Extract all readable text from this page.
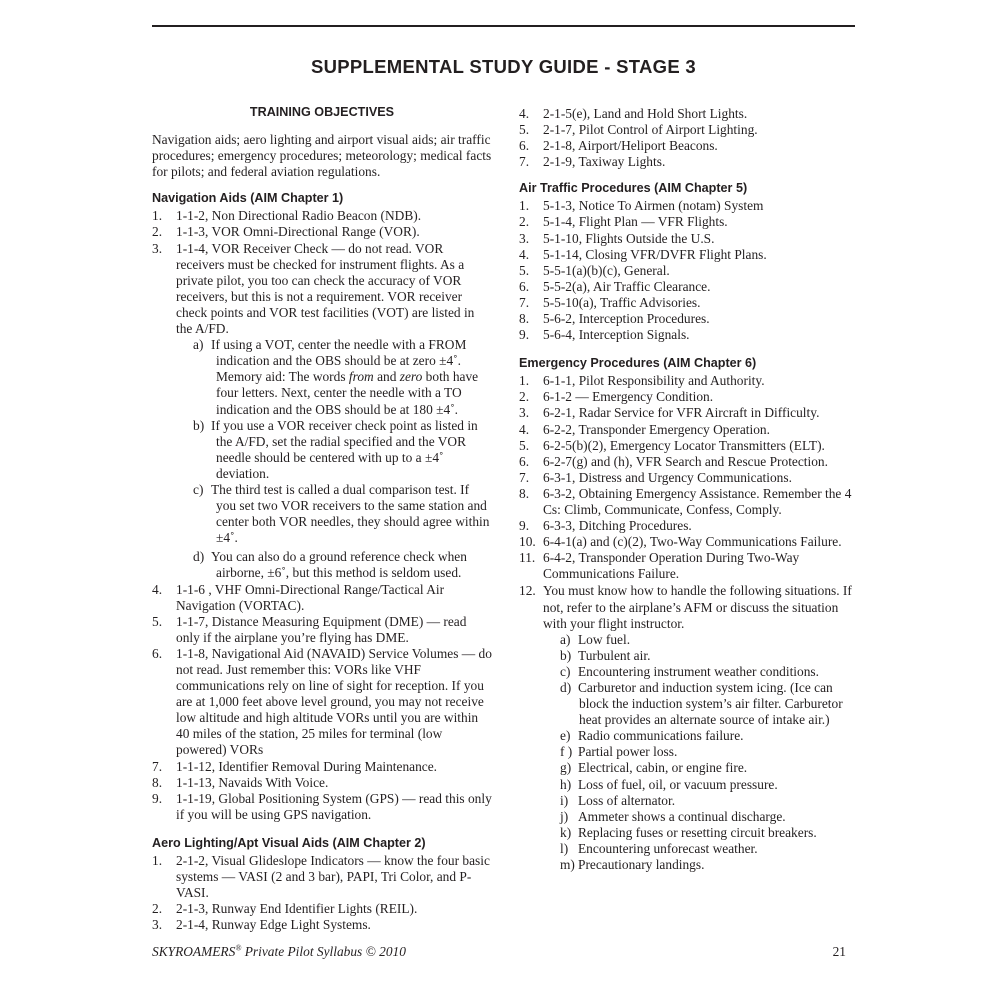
SUPPLEMENTAL STUDY GUIDE - STAGE 3
TRAINING OBJECTIVES

Navigation aids; aero lighting and airport visual aids; air traffic procedures; emergency procedures; meteorology; medical facts for pilots; and federal aviation regulations.

Navigation Aids (AIM Chapter 1)
1.	1-1-2, Non Directional Radio Beacon (NDB).
2.	1-1-3, VOR Omni-Directional Range (VOR).
3.	1-1-4, VOR Receiver Check — do not read. VOR receivers must be checked for instrument flights. As a private pilot, you too can check the accuracy of VOR receivers, but this is not a requirement. VOR receiver check points and VOR test facilities (VOT) are listed in the A/FD.
a) If using a VOT, center the needle with a FROM indication and the OBS should be at zero ±4˚. Memory aid: The words from and zero both have four letters. Next, center the needle with a TO indication and the OBS should be at 180 ±4˚.
b) If you use a VOR receiver check point as listed in the A/FD, set the radial specified and the VOR needle should be centered with up to a ±4˚ deviation.
c) The third test is called a dual comparison test. If you set two VOR receivers to the same station and center both VOR needles, they should agree within ±4˚.
d) You can also do a ground reference check when airborne, ±6˚, but this method is seldom used.
4.	1-1-6 , VHF Omni-Directional Range/Tactical Air Navigation (VORTAC).
5.	1-1-7, Distance Measuring Equipment (DME) — read only if the airplane you’re flying has DME.
6.	1-1-8, Navigational Aid (NAVAID) Service Volumes — do not read. Just remember this: VORs like VHF communications rely on line of sight for reception. If you are at 1,000 feet above level ground, you may not receive low altitude and high altitude VORs until you are within 40 miles of the station, 25 miles for terminal (low powered) VORs
7.	1-1-12, Identifier Removal During Maintenance.
8.	1-1-13, Navaids With Voice.
9.	1-1-19, Global Positioning System (GPS) — read this only if you will be using GPS navigation.
Aero Lighting/Apt Visual Aids (AIM Chapter 2)
1.	2-1-2, Visual Glideslope Indicators — know the four basic systems — VASI (2 and 3 bar), PAPI, Tri Color, and P-VASI.
2.	2-1-3, Runway End Identifier Lights (REIL).
3.	2-1-4, Runway Edge Light Systems.
4.	2-1-5(e), Land and Hold Short Lights.
5.	2-1-7, Pilot Control of Airport Lighting.
6.	2-1-8, Airport/Heliport Beacons.
7.	2-1-9, Taxiway Lights.
Air Traffic Procedures (AIM Chapter 5)
1.	5-1-3, Notice To Airmen (notam) System
2.	5-1-4, Flight Plan — VFR Flights.
3.	5-1-10, Flights Outside the U.S.
4.	5-1-14, Closing VFR/DVFR Flight Plans.
5.	5-5-1(a)(b)(c), General.
6.	5-5-2(a), Air Traffic Clearance.
7.	5-5-10(a), Traffic Advisories.
8.	5-6-2, Interception Procedures.
9.	5-6-4, Interception Signals.
Emergency Procedures (AIM Chapter 6)
1.	6-1-1, Pilot Responsibility and Authority.
2.	6-1-2 — Emergency Condition.
3.	6-2-1, Radar Service for VFR Aircraft in Difficulty.
4.	6-2-2, Transponder Emergency Operation.
5.	6-2-5(b)(2), Emergency Locator Transmitters (ELT).
6.	6-2-7(g) and (h), VFR Search and Rescue Protection.
7.	6-3-1, Distress and Urgency Communications.
8.	6-3-2, Obtaining Emergency Assistance. Remember the 4 Cs: Climb, Communicate, Confess, Comply.
9.	6-3-3, Ditching Procedures.
10. 6-4-1(a) and (c)(2), Two-Way Communications Failure.
11. 6-4-2, Transponder Operation During Two-Way Communications Failure.
12. You must know how to handle the following situations. If not, refer to the airplane’s AFM or discuss the situation with your flight instructor.
a) Low fuel.
b) Turbulent air.
c) Encountering instrument weather conditions.
d) Carburetor and induction system icing. (Ice can block the induction system’s air filter. Carburetor heat provides an alternate source of intake air.)
e) Radio communications failure.
f ) Partial power loss.
g) Electrical, cabin, or engine fire.
h) Loss of fuel, oil, or vacuum pressure.
i) Loss of alternator.
j) Ammeter shows a continual discharge.
k) Replacing fuses or resetting circuit breakers.
l) Encountering unforecast weather.
m) Precautionary landings.
SKYROAMERS® Private Pilot Syllabus © 2010	21
